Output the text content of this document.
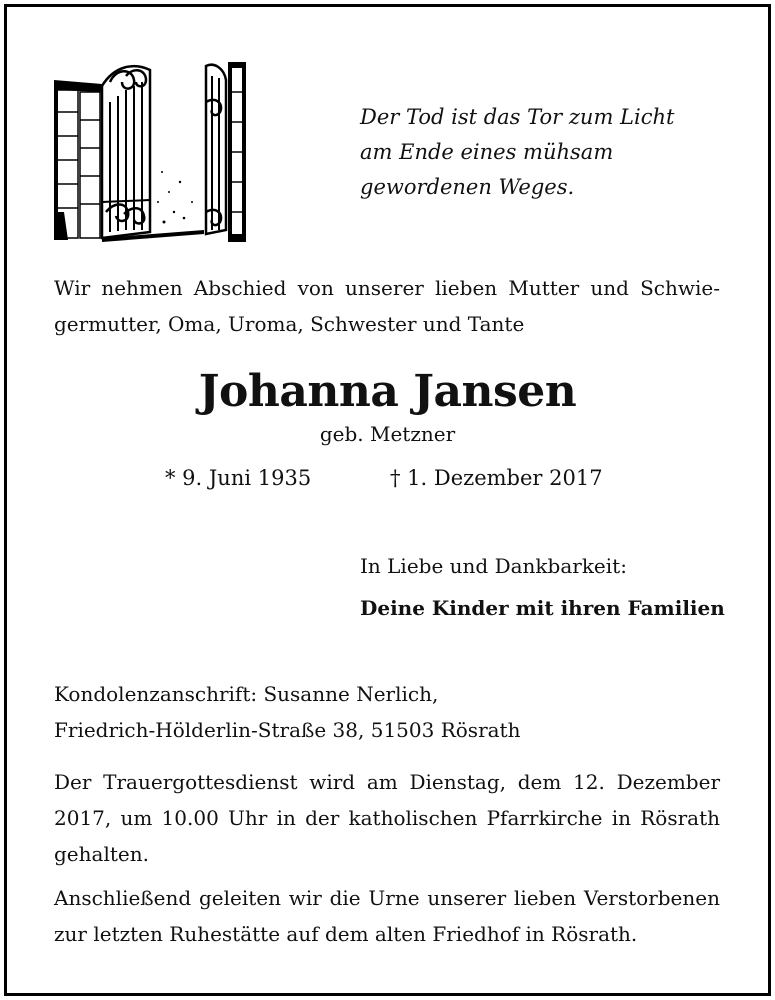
Der Tod ist das Tor zum Licht
am Ende eines mühsam
gewordenen Weges.
Wir nehmen Abschied von unserer lieben Mutter und Schwie-
germutter, Oma, Uroma, Schwester und Tante
Johanna Jansen
geb. Metzner
* 9. Juni 1935	† 1. Dezember 2017
In Liebe und Dankbarkeit:
Deine Kinder mit ihren Familien
Kondolenzanschrift: Susanne Nerlich,
Friedrich-Hölderlin-Straße 38, 51503 Rösrath
Der Trauergottesdienst wird am Dienstag, dem 12. Dezember
2017, um 10.00 Uhr in der katholischen Pfarrkirche in Rösrath
gehalten.
Anschließend geleiten wir die Urne unserer lieben Verstorbenen
zur letzten Ruhestätte auf dem alten Friedhof in Rösrath.
